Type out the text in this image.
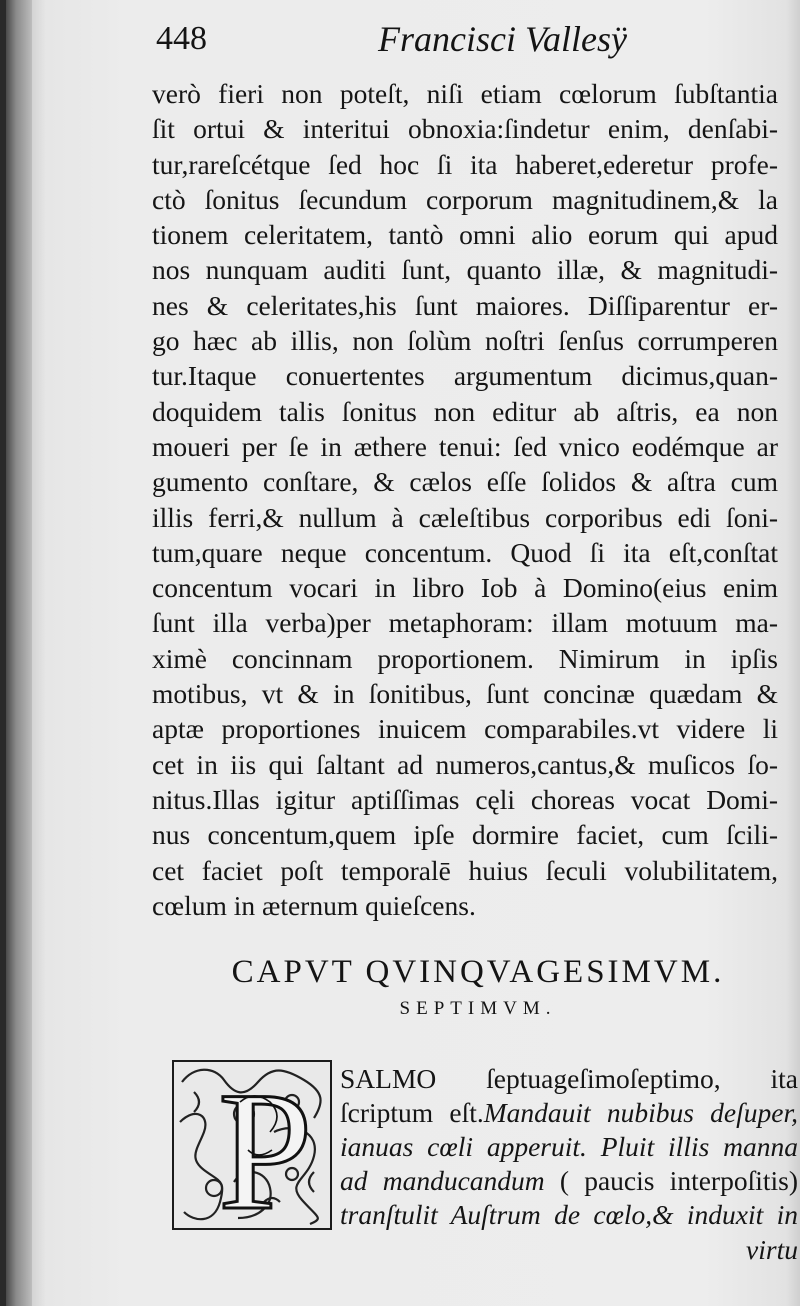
448	Francisci Vallesÿ
verò fieri non poteſt, niſi etiam cœlorum ſubſtantia
ſit ortui & interitui obnoxia:ſindetur enim, denſabi-
tur,rareſcétque ſed hoc ſi ita haberet,ederetur profe-
ctò ſonitus ſecundum corporum magnitudinem,& la
tionem celeritatem, tantò omni alio eorum qui apud
nos nunquam auditi ſunt, quanto illæ, & magnitudi-
nes & celeritates,his ſunt maiores. Diſſiparentur er-
go hæc ab illis, non ſolùm noſtri ſenſus corrumperen
tur.Itaque conuertentes argumentum dicimus,quan-
doquidem talis ſonitus non editur ab aſtris, ea non
moueri per ſe in æthere tenui: ſed vnico eodémque ar
gumento conſtare, & cælos eſſe ſolidos & aſtra cum
illis ferri,& nullum à cæleſtibus corporibus edi ſoni-
tum,quare neque concentum. Quod ſi ita eſt,conſtat
concentum vocari in libro Iob à Domino(eius enim
ſunt illa verba)per metaphoram: illam motuum ma-
ximè concinnam proportionem. Nimirum in ipſis
motibus, vt & in ſonitibus, ſunt concinæ quædam &
aptæ proportiones inuicem comparabiles.vt videre li
cet in iis qui ſaltant ad numeros,cantus,& muſicos ſo-
nitus.Illas igitur aptiſſimas cęli choreas vocat Domi-
nus concentum,quem ipſe dormire faciet, cum ſcili-
cet faciet poſt temporalē huius ſeculi volubilitatem,
cœlum in æternum quieſcens.
CAPVT QVINQVAGESIMVM.
SEPTIMVM.
P SALMO ſeptuageſimoſeptimo, ita
ſcriptum eſt.Mandauit nubibus deſuper,
ianuas cœli apperuit. Pluit illis manna
ad manducandum ( paucis interpoſitis)
tranſtulit Auſtrum de cœlo,& induxit in
virtu
